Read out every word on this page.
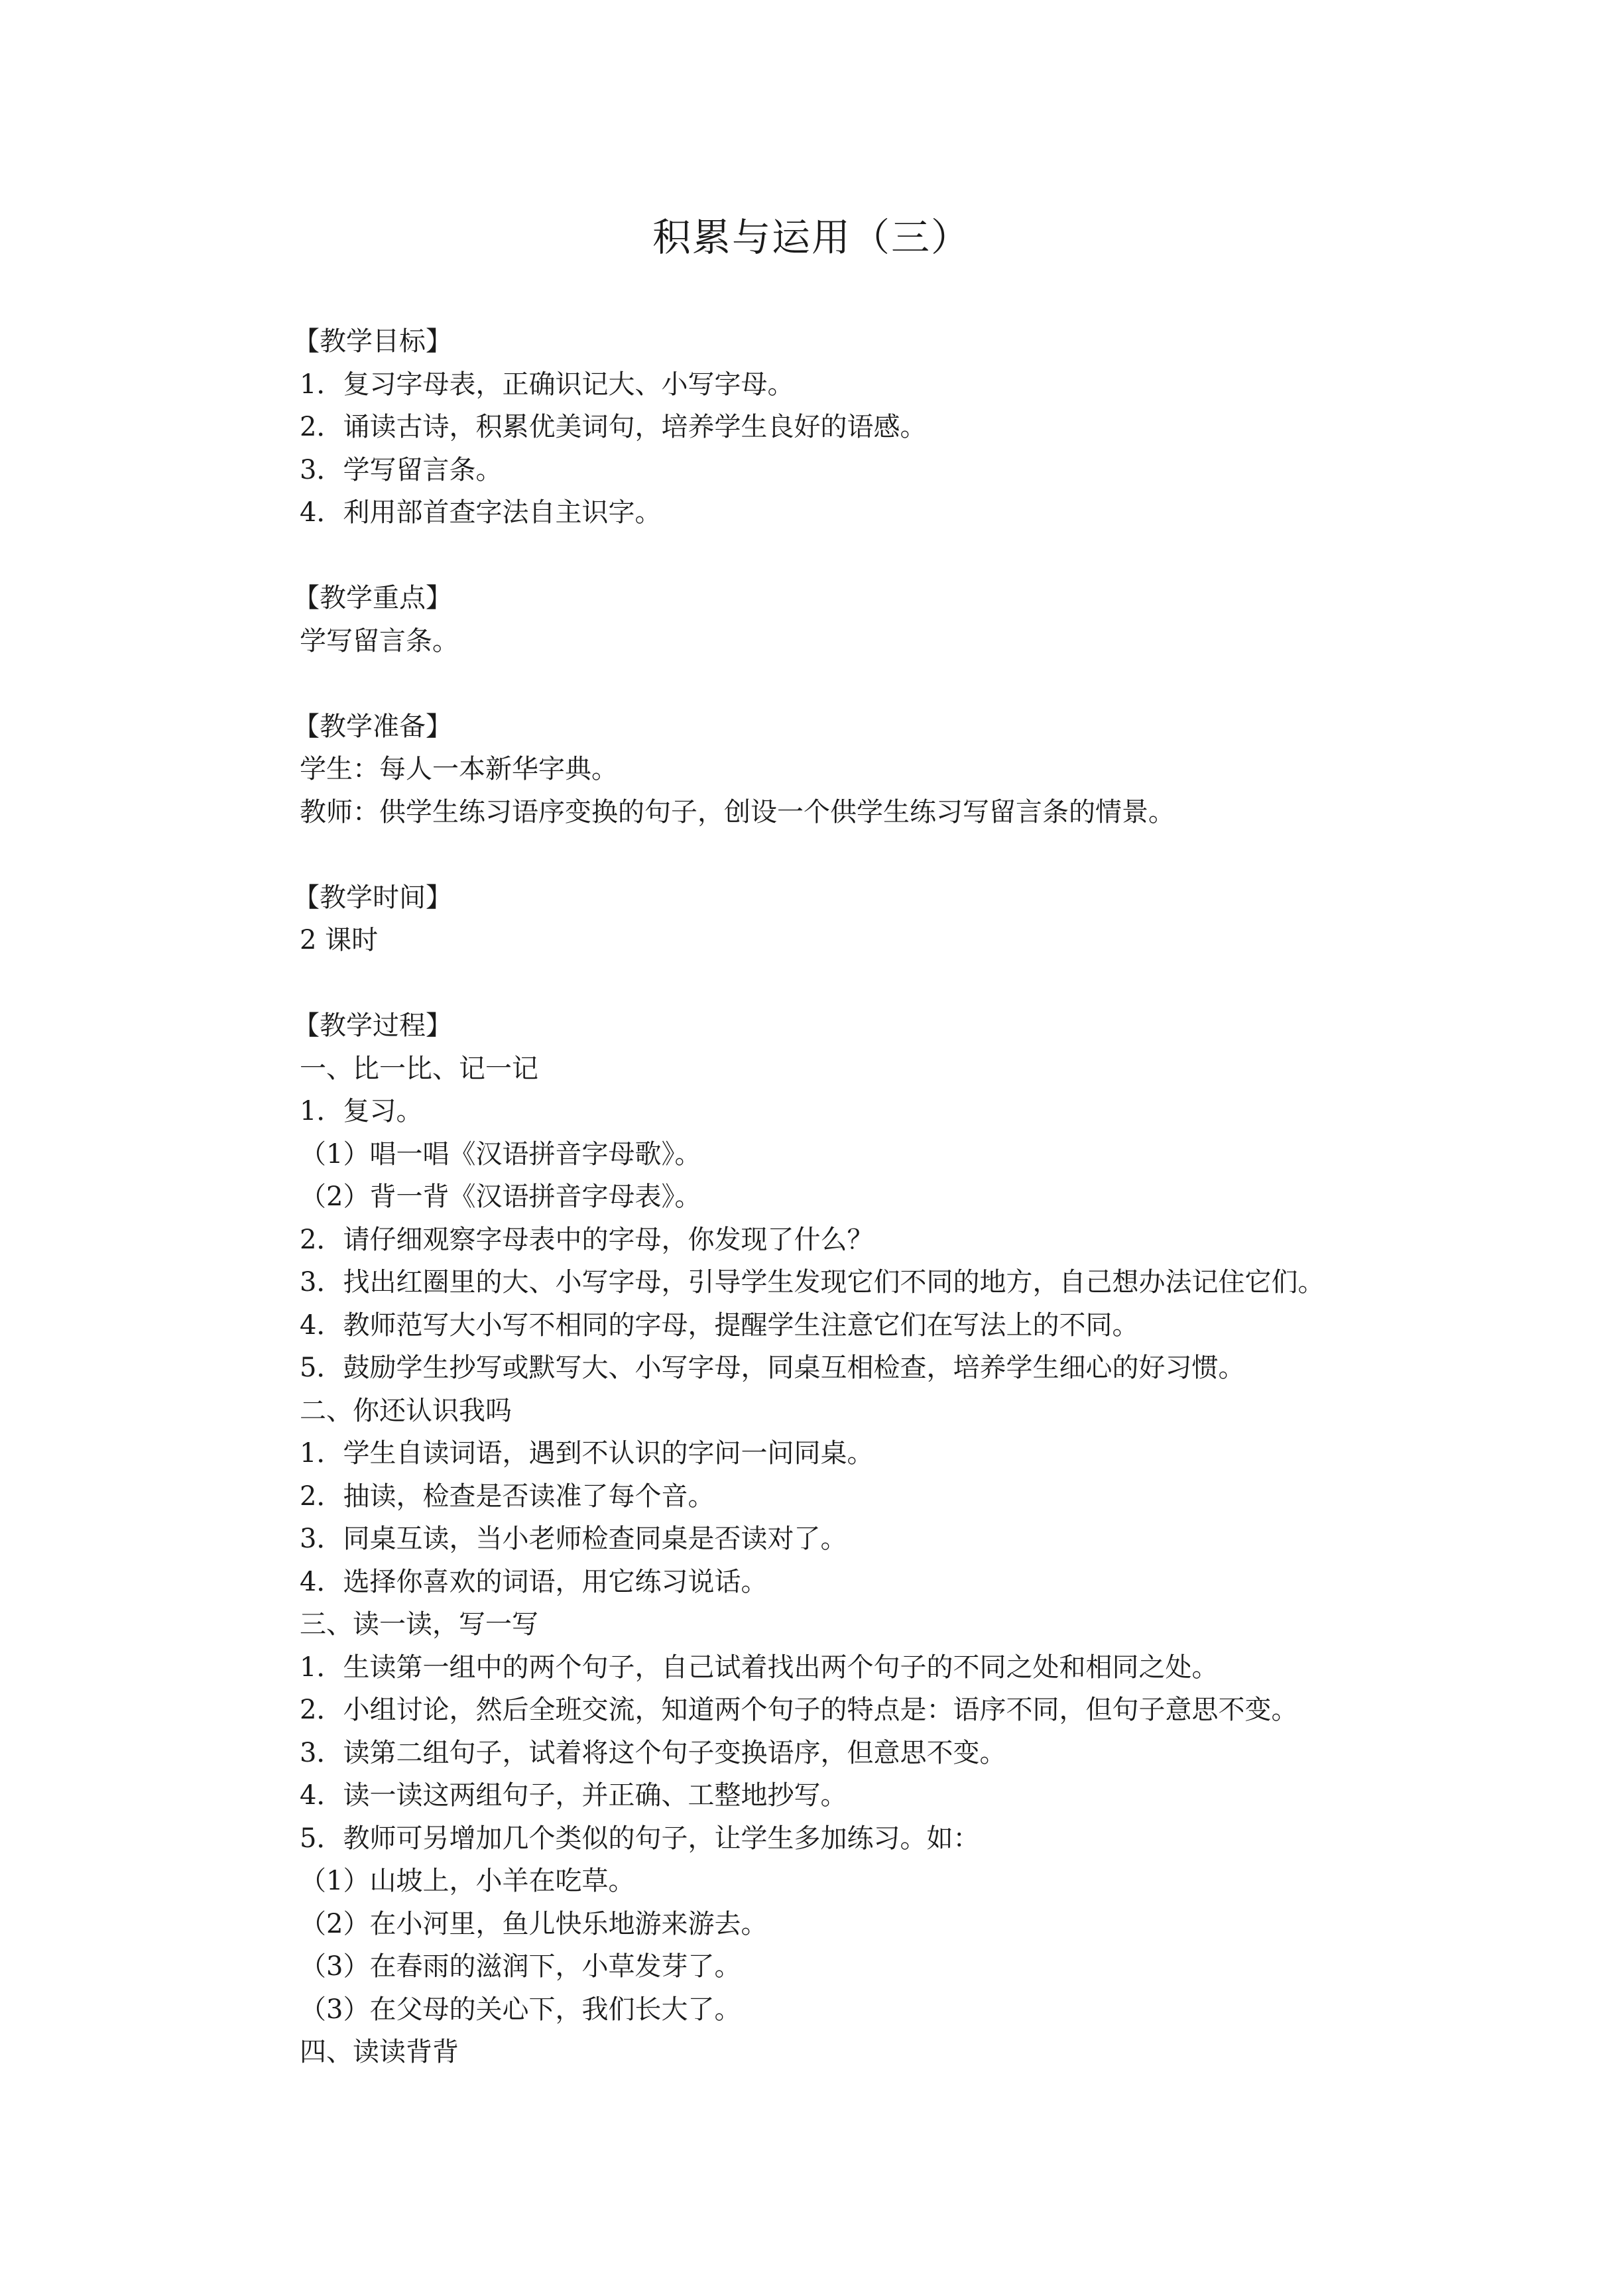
积累与运用（三）
【教学目标】
1．复习字母表，正确识记大、小写字母。
2．诵读古诗，积累优美词句，培养学生良好的语感。
3．学写留言条。
4．利用部首查字法自主识字。
【教学重点】
学写留言条。
【教学准备】
学生：每人一本新华字典。
教师：供学生练习语序变换的句子，创设一个供学生练习写留言条的情景。
【教学时间】
2 课时
【教学过程】
一、比一比、记一记
1．复习。
（1）唱一唱《汉语拼音字母歌》。
（2）背一背《汉语拼音字母表》。
2．请仔细观察字母表中的字母，你发现了什么？
3．找出红圈里的大、小写字母，引导学生发现它们不同的地方，自己想办法记住它们。
4．教师范写大小写不相同的字母，提醒学生注意它们在写法上的不同。
5．鼓励学生抄写或默写大、小写字母，同桌互相检查，培养学生细心的好习惯。
二、你还认识我吗
1．学生自读词语，遇到不认识的字问一问同桌。
2．抽读，检查是否读准了每个音。
3．同桌互读，当小老师检查同桌是否读对了。
4．选择你喜欢的词语，用它练习说话。
三、读一读，写一写
1．生读第一组中的两个句子，自己试着找出两个句子的不同之处和相同之处。
2．小组讨论，然后全班交流，知道两个句子的特点是：语序不同，但句子意思不变。
3．读第二组句子，试着将这个句子变换语序，但意思不变。
4．读一读这两组句子，并正确、工整地抄写。
5．教师可另增加几个类似的句子，让学生多加练习。如：
（1）山坡上，小羊在吃草。
（2）在小河里，鱼儿快乐地游来游去。
（3）在春雨的滋润下，小草发芽了。
（3）在父母的关心下，我们长大了。
四、读读背背
